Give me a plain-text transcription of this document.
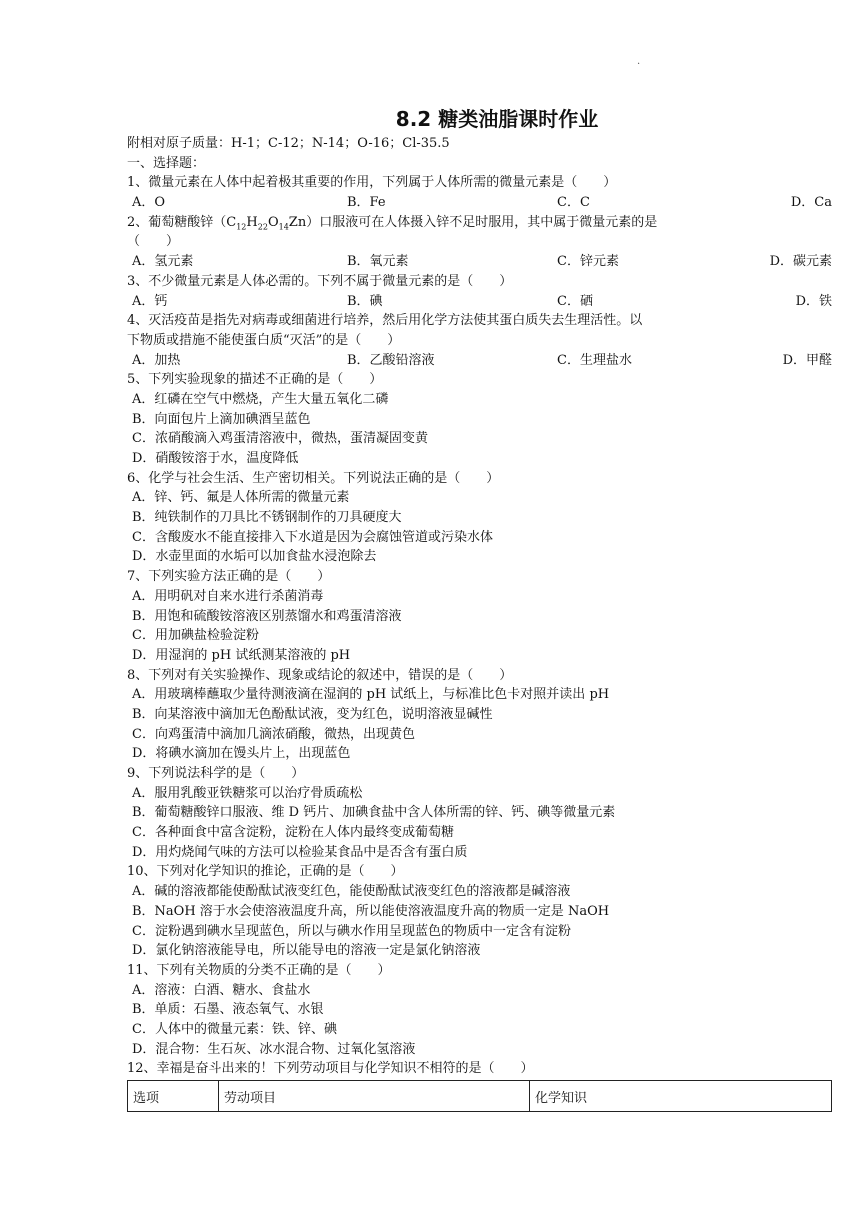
.
8.2 糖类油脂课时作业
附相对原子质量：H-1；C-12；N-14；O-16；Cl-35.5
一、选择题：
1、微量元素在人体中起着极其重要的作用，下列属于人体所需的微量元素是（　　）
A．O	B．Fe	C．C	D．Ca
2、葡萄糖酸锌$(C_{12}H_{22}O_{14}Zn)$口服液可在人体摄入锌不足时服用，其中属于微量元素的是
（　　）
A．氢元素	B．氧元素	C．锌元素	D．碳元素
3、不少微量元素是人体必需的。下列不属于微量元素的是（　　）
A．钙	B．碘	C．硒	D．铁
4、灭活疫苗是指先对病毒或细菌进行培养，然后用化学方法使其蛋白质失去生理活性。以
下物质或措施不能使蛋白质“灭活”的是（　　）
A．加热	B．乙酸铅溶液	C．生理盐水	D．甲醛
5、下列实验现象的描述不正确的是（　　）
A．红磷在空气中燃烧，产生大量五氧化二磷
B．向面包片上滴加碘酒呈蓝色
C．浓硝酸滴入鸡蛋清溶液中，微热，蛋清凝固变黄
D．硝酸铵溶于水，温度降低
6、化学与社会生活、生产密切相关。下列说法正确的是（　　）
A．锌、钙、氟是人体所需的微量元素
B．纯铁制作的刀具比不锈钢制作的刀具硬度大
C．含酸废水不能直接排入下水道是因为会腐蚀管道或污染水体
D．水壶里面的水垢可以加食盐水浸泡除去
7、下列实验方法正确的是（　　）
A．用明矾对自来水进行杀菌消毒
B．用饱和硫酸铵溶液区别蒸馏水和鸡蛋清溶液
C．用加碘盐检验淀粉
D．用湿润的 pH 试纸测某溶液的 pH
8、下列对有关实验操作、现象或结论的叙述中，错误的是（　　）
A．用玻璃棒蘸取少量待测液滴在湿润的 pH 试纸上，与标准比色卡对照并读出 pH
B．向某溶液中滴加无色酚酞试液，变为红色，说明溶液显碱性
C．向鸡蛋清中滴加几滴浓硝酸，微热，出现黄色
D．将碘水滴加在馒头片上，出现蓝色
9、下列说法科学的是（　　）
A．服用乳酸亚铁糖浆可以治疗骨质疏松
B．葡萄糖酸锌口服液、维 D 钙片、加碘食盐中含人体所需的锌、钙、碘等微量元素
C．各种面食中富含淀粉，淀粉在人体内最终变成葡萄糖
D．用灼烧闻气味的方法可以检验某食品中是否含有蛋白质
10、下列对化学知识的推论，正确的是（　　）
A．碱的溶液都能使酚酞试液变红色，能使酚酞试液变红色的溶液都是碱溶液
B．NaOH 溶于水会使溶液温度升高，所以能使溶液温度升高的物质一定是 NaOH
C．淀粉遇到碘水呈现蓝色，所以与碘水作用呈现蓝色的物质中一定含有淀粉
D．氯化钠溶液能导电，所以能导电的溶液一定是氯化钠溶液
11、下列有关物质的分类不正确的是（　　）
A．溶液：白酒、糖水、食盐水
B．单质：石墨、液态氧气、水银
C．人体中的微量元素：铁、锌、碘
D．混合物：生石灰、冰水混合物、过氧化氢溶液
12、幸福是奋斗出来的！下列劳动项目与化学知识不相符的是（　　）
选项	劳动项目	化学知识
